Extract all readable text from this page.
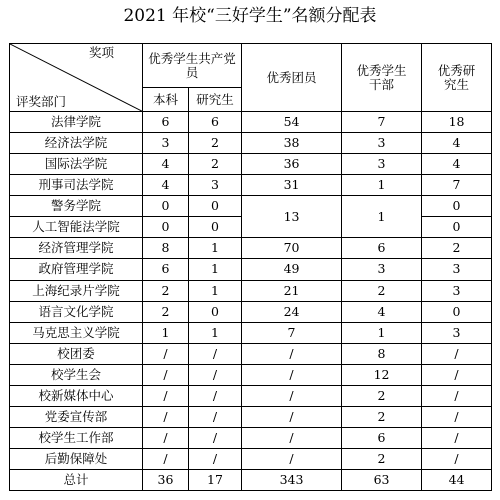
2021 年校“三好学生”名额分配表
奖项
评奖部门	优秀学生共产党员		优秀团员	优秀学生干部	优秀研究生
	本科	研究生			
法律学院	6	6	54	7	18
经济法学院	3	2	38	3	4
国际法学院	4	2	36	3	4
刑事司法学院	4	3	31	1	7
警务学院	0	0	13	1	0
人工智能法学院	0	0			0
经济管理学院	8	1	70	6	2
政府管理学院	6	1	49	3	3
上海纪录片学院	2	1	21	2	3
语言文化学院	2	0	24	4	0
马克思主义学院	1	1	7	1	3
校团委	/	/	/	8	/
校学生会	/	/	/	12	/
校新媒体中心	/	/	/	2	/
党委宣传部	/	/	/	2	/
校学生工作部	/	/	/	6	/
后勤保障处	/	/	/	2	/
总计	36	17	343	63	44
